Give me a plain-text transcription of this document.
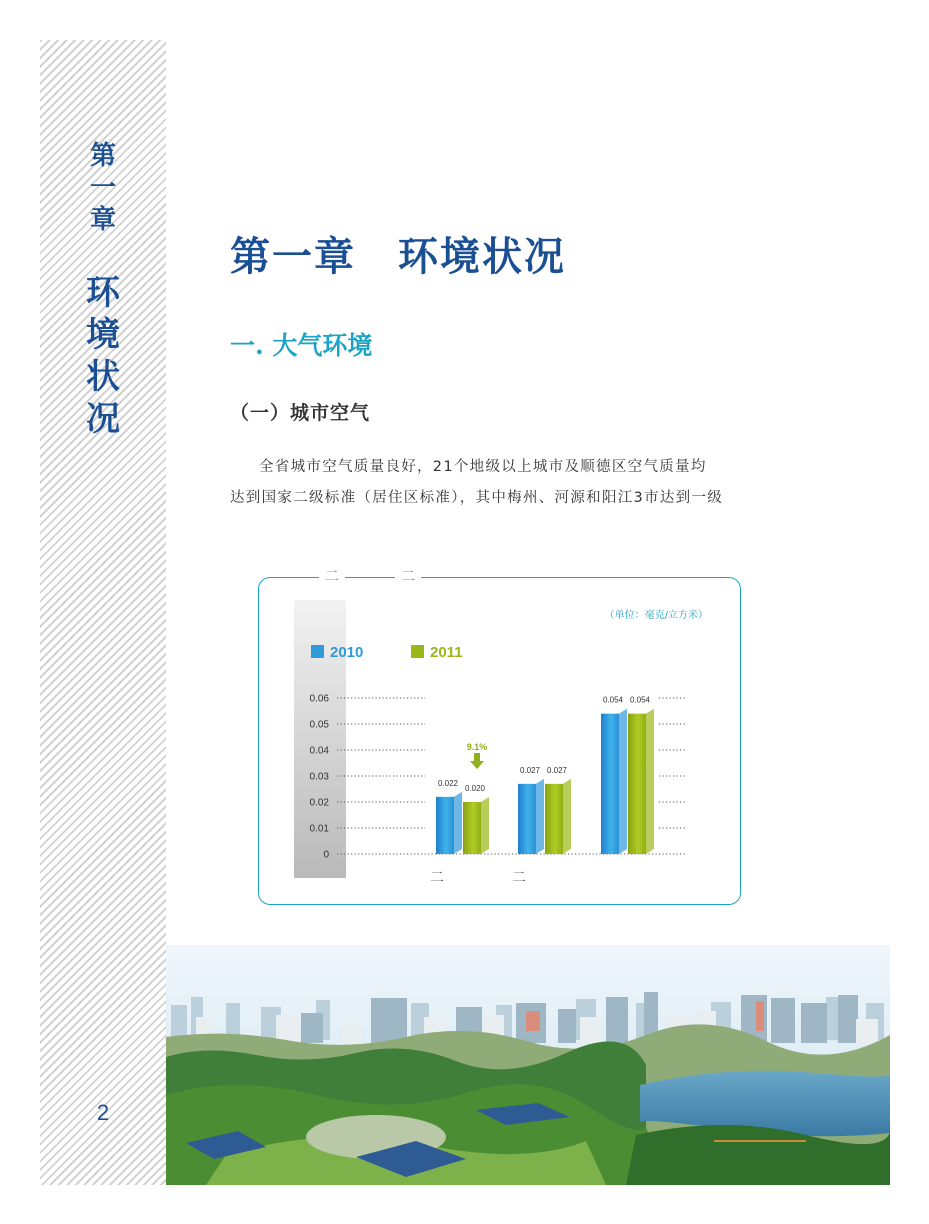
第
一
章
环
境
状
况
2
第一章　环境状况
一. 大气环境
（一）城市空气

全省城市空气质量良好，21个地级以上城市及顺德区空气质量均

达到国家二级标准（居住区标准），其中梅州、河源和阳江3市达到一级

二	二
2010	2011
0.06
0.05
0.04
0.03
0.02
0.01
0
0.022
0.020
二
0.027 0.027
二
0.054 0.054
9.1%
（单位：毫克/立方米）
